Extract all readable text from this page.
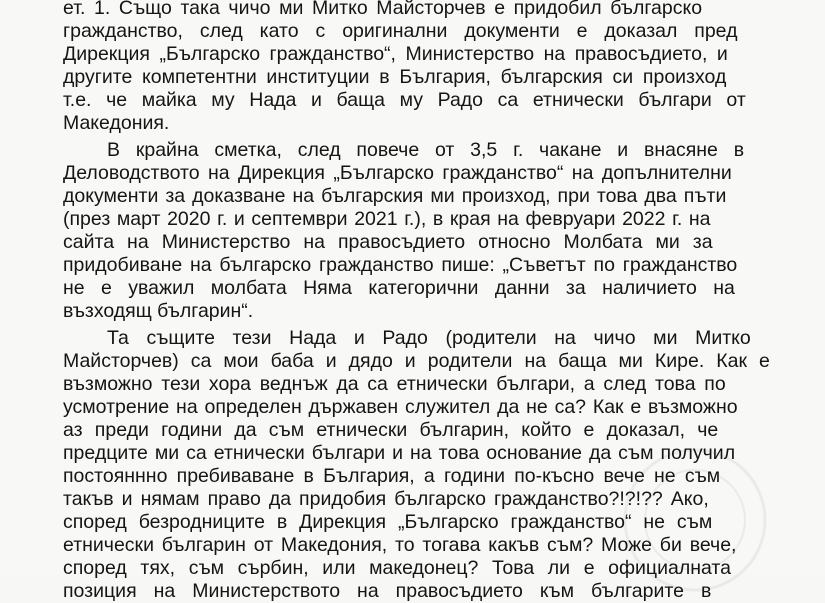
ет. 1. Също така чичо ми Митко Майсторчев е придобил българско
гражданство, след като с оригинални документи е доказал пред
Дирекция „Българско гражданство“, Министерство на правосъдието, и
другите компетентни институции в България, българския си произход
т.е. че майка му Нада и баща му Радо са етнически българи от
Македония.
В крайна сметка, след повече от 3,5 г. чакане и внасяне в
Деловодството на Дирекция „Българско гражданство“ на допълнителни
документи за доказване на българския ми произход, при това два пъти
(през март 2020 г. и септември 2021 г.), в края на февруари 2022 г. на
сайта на Министерство на правосъдието относно Молбата ми за
придобиване на българско гражданство пише: „Съветът по гражданство
не е уважил молбата Няма категорични данни за наличието на
възходящ българин“.
Та същите тези Нада и Радо (родители на чичо ми Митко
Майсторчев) са мои баба и дядо и родители на баща ми Кире. Как е
възможно тези хора веднъж да са етнически българи, а след това по
усмотрение на определен държавен служител да не са? Как е възможно
аз преди години да съм етнически българин, който е доказал, че
предците ми са етнически българи и на това основание да съм получил
постояннно пребиваване в България, а години по-късно вече не съм
такъв и нямам право да придобия българско гражданство?!?!?? Ако,
според безродниците в Дирекция „Българско гражданство“ не съм
етнически българин от Македония, то тогава какъв съм? Може би вече,
според тях, съм сърбин, или македонец? Това ли е официалната
позиция на Министерството на правосъдието към българите в
